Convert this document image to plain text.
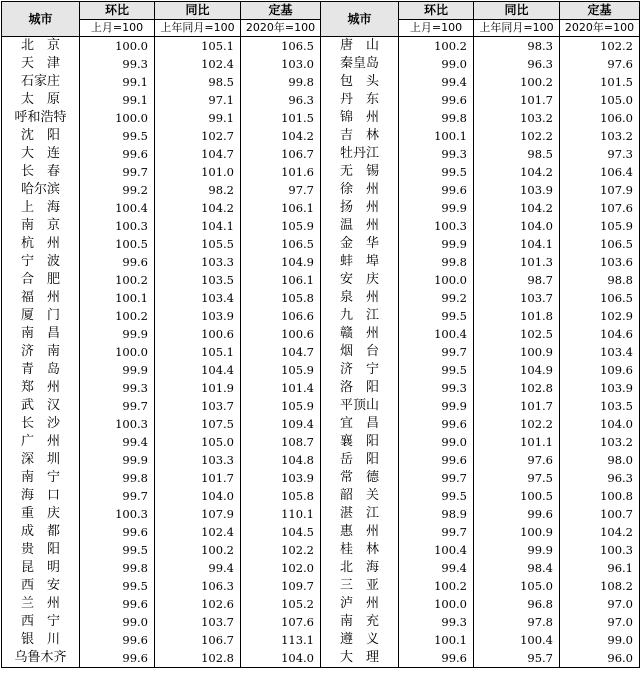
城市	环比	同比	定基	城市	环比	同比	定基
	上月=100	上年同月=100	2020年=100		上月=100	上年同月=100	2020年=100
北　京	100.0	105.1	106.5	唐　山	100.2	98.3	102.2
天　津	99.3	102.4	103.0	秦皇岛	99.0	96.3	97.6
石家庄	99.1	98.5	99.8	包　头	99.4	100.2	101.5
太　原	99.1	97.1	96.3	丹　东	99.6	101.7	105.0
呼和浩特	100.0	99.1	101.5	锦　州	99.8	103.2	106.0
沈　阳	99.5	102.7	104.2	吉　林	100.1	102.2	103.2
大　连	99.6	104.7	106.7	牡丹江	99.3	98.5	97.3
长　春	99.7	101.0	101.6	无　锡	99.5	104.2	106.4
哈尔滨	99.2	98.2	97.7	徐　州	99.6	103.9	107.9
上　海	100.4	104.2	106.1	扬　州	99.9	104.2	107.6
南　京	100.3	104.1	105.9	温　州	100.3	104.0	105.9
杭　州	100.5	105.5	106.5	金　华	99.9	104.1	106.5
宁　波	99.6	103.3	104.9	蚌　埠	99.8	101.3	103.6
合　肥	100.2	103.5	106.1	安　庆	100.0	98.7	98.8
福　州	100.1	103.4	105.8	泉　州	99.2	103.7	106.5
厦　门	100.2	103.9	106.6	九　江	99.5	101.8	102.9
南　昌	99.9	100.6	100.6	赣　州	100.4	102.5	104.6
济　南	100.0	105.1	104.7	烟　台	99.7	100.9	103.4
青　岛	99.9	104.4	105.9	济　宁	99.5	104.9	109.6
郑　州	99.3	101.9	101.4	洛　阳	99.3	102.8	103.9
武　汉	99.7	103.7	105.9	平顶山	99.9	101.7	103.5
长　沙	100.3	107.5	109.4	宜　昌	99.6	102.2	104.0
广　州	99.4	105.0	108.7	襄　阳	99.0	101.1	103.2
深　圳	99.9	103.3	104.8	岳　阳	99.6	97.6	98.0
南　宁	99.8	101.7	103.9	常　德	99.7	97.5	96.3
海　口	99.7	104.0	105.8	韶　关	99.5	100.5	100.8
重　庆	100.3	107.9	110.1	湛　江	98.9	99.6	100.7
成　都	99.6	102.4	104.5	惠　州	99.7	100.9	104.2
贵　阳	99.5	100.2	102.2	桂　林	100.4	99.9	100.3
昆　明	99.8	99.4	102.0	北　海	99.4	98.4	96.1
西　安	99.5	106.3	109.7	三　亚	100.2	105.0	108.2
兰　州	99.6	102.6	105.2	泸　州	100.0	96.8	97.0
西　宁	99.0	103.7	107.6	南　充	99.3	97.8	97.0
银　川	99.6	106.7	113.1	遵　义	100.1	100.4	99.0
乌鲁木齐	99.6	102.8	104.0	大　理	99.6	95.7	96.0
